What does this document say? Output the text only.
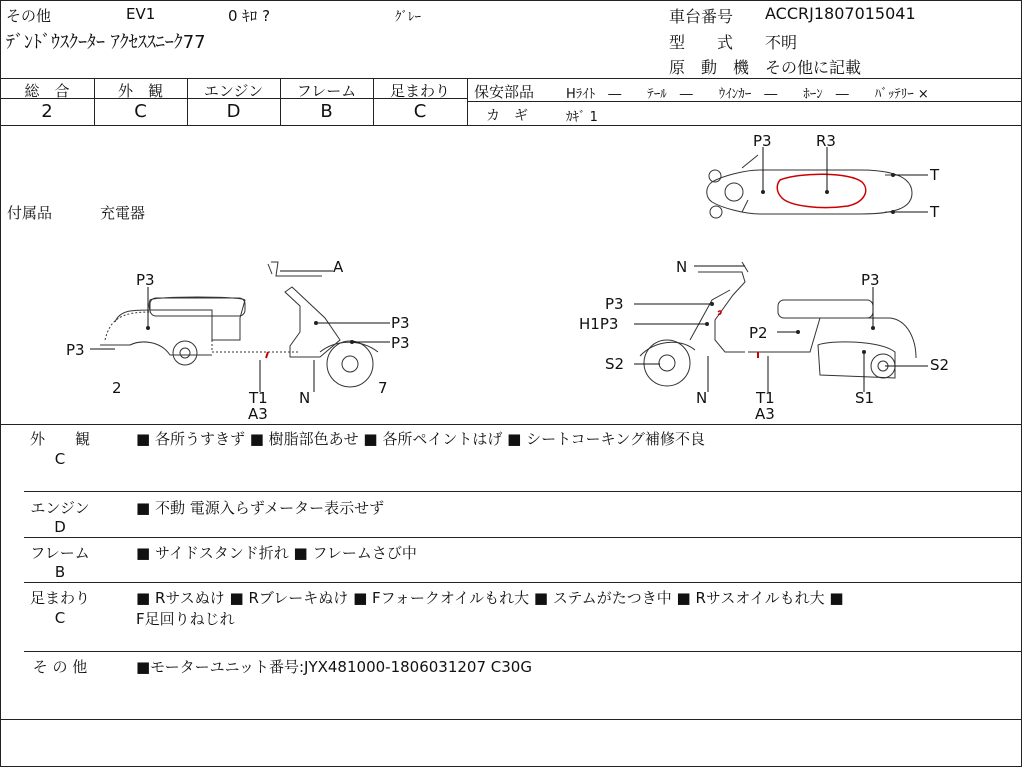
その他	EV1	0 ｷﾛ ?	ｸﾞﾚｰ
ﾃﾞﾝﾄﾞｳｽｸｰﾀｰ ｱｸｾｽｽﾆｰｸ77
車台番号 ACCRJ1807015041
型　　式 不明
原　動　機 その他に記載
総　合	外　観	エンジン	フレーム	足まわり
2	C	D	B	C
保安部品 Hﾗｲﾄ　―　　ﾃｰﾙ　―　　ｳｲﾝｶｰ　―　　ﾎｰﾝ　―　　ﾊﾞｯﾃﾘｰ ×
カ　ギ	ｶｷﾞ 1
付属品	充電器
P3	R3
T
T
P3
A
P3
P3
P3
2
T1
A3
N
7
N
P3
P3
H1P3	P2
S2	S2
N	T1
A3
S1
外　　観
C
■ 各所うすきず ■ 樹脂部色あせ ■ 各所ペイントはげ ■ シートコーキング補修不良
エンジン
D
■ 不動 電源入らずメーター表示せず
フレーム
B
■ サイドスタンド折れ ■ フレームさび中
足まわり
C
■ Rサスぬけ ■ Rブレーキぬけ ■ Fフォークオイルもれ大 ■ ステムがたつき中 ■ Rサスオイルもれ大 ■
F足回りねじれ
そ の 他	■モーターユニット番号:JYX481000-1806031207 C30G
